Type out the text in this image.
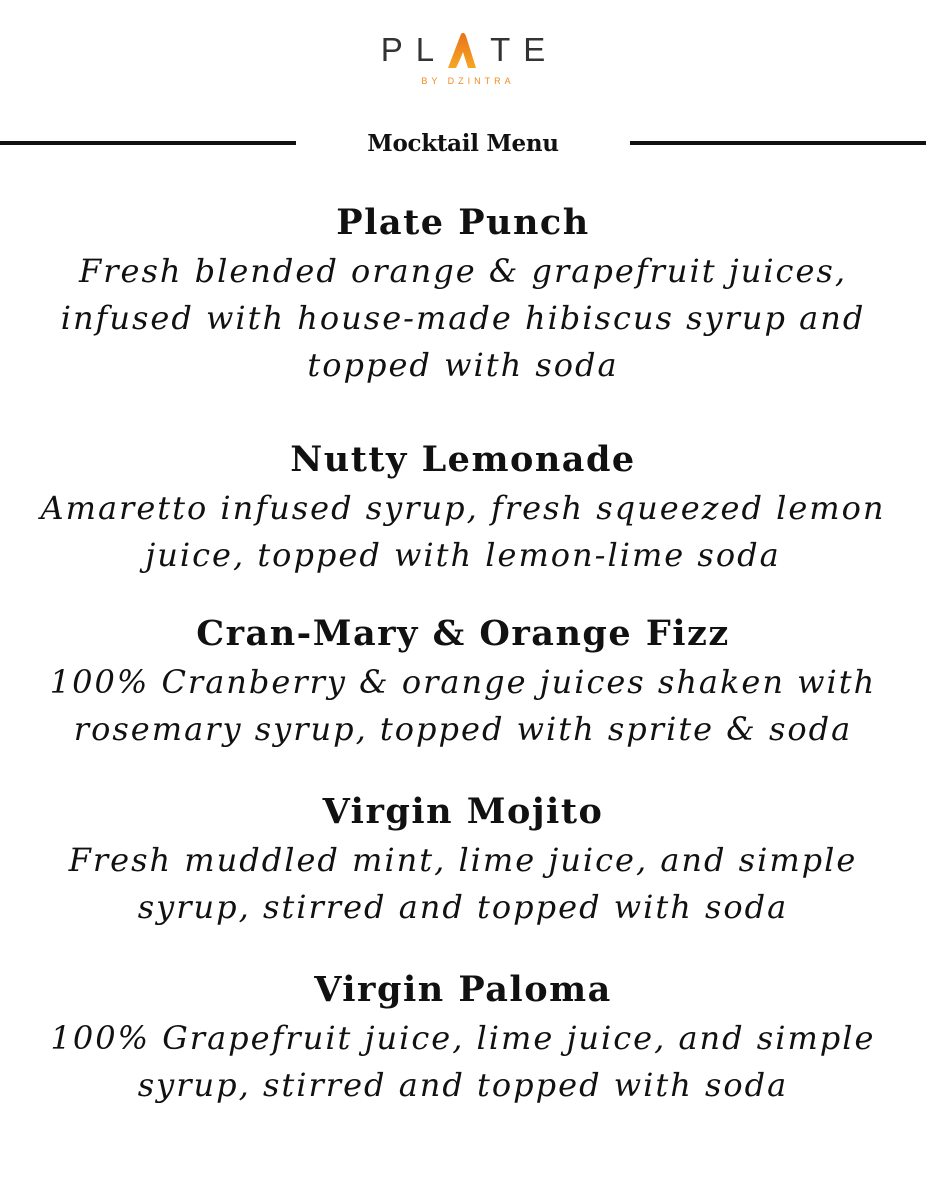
PL TE
BY DZINTRA
Mocktail Menu
Plate Punch
Fresh blended orange & grapefruit juices,
infused with house-made hibiscus syrup and
topped with soda
Nutty Lemonade
Amaretto infused syrup, fresh squeezed lemon
juice, topped with lemon-lime soda
Cran-Mary & Orange Fizz
100% Cranberry & orange juices shaken with
rosemary syrup, topped with sprite & soda
Virgin Mojito
Fresh muddled mint, lime juice, and simple
syrup, stirred and topped with soda
Virgin Paloma
100% Grapefruit juice, lime juice, and simple
syrup, stirred and topped with soda
